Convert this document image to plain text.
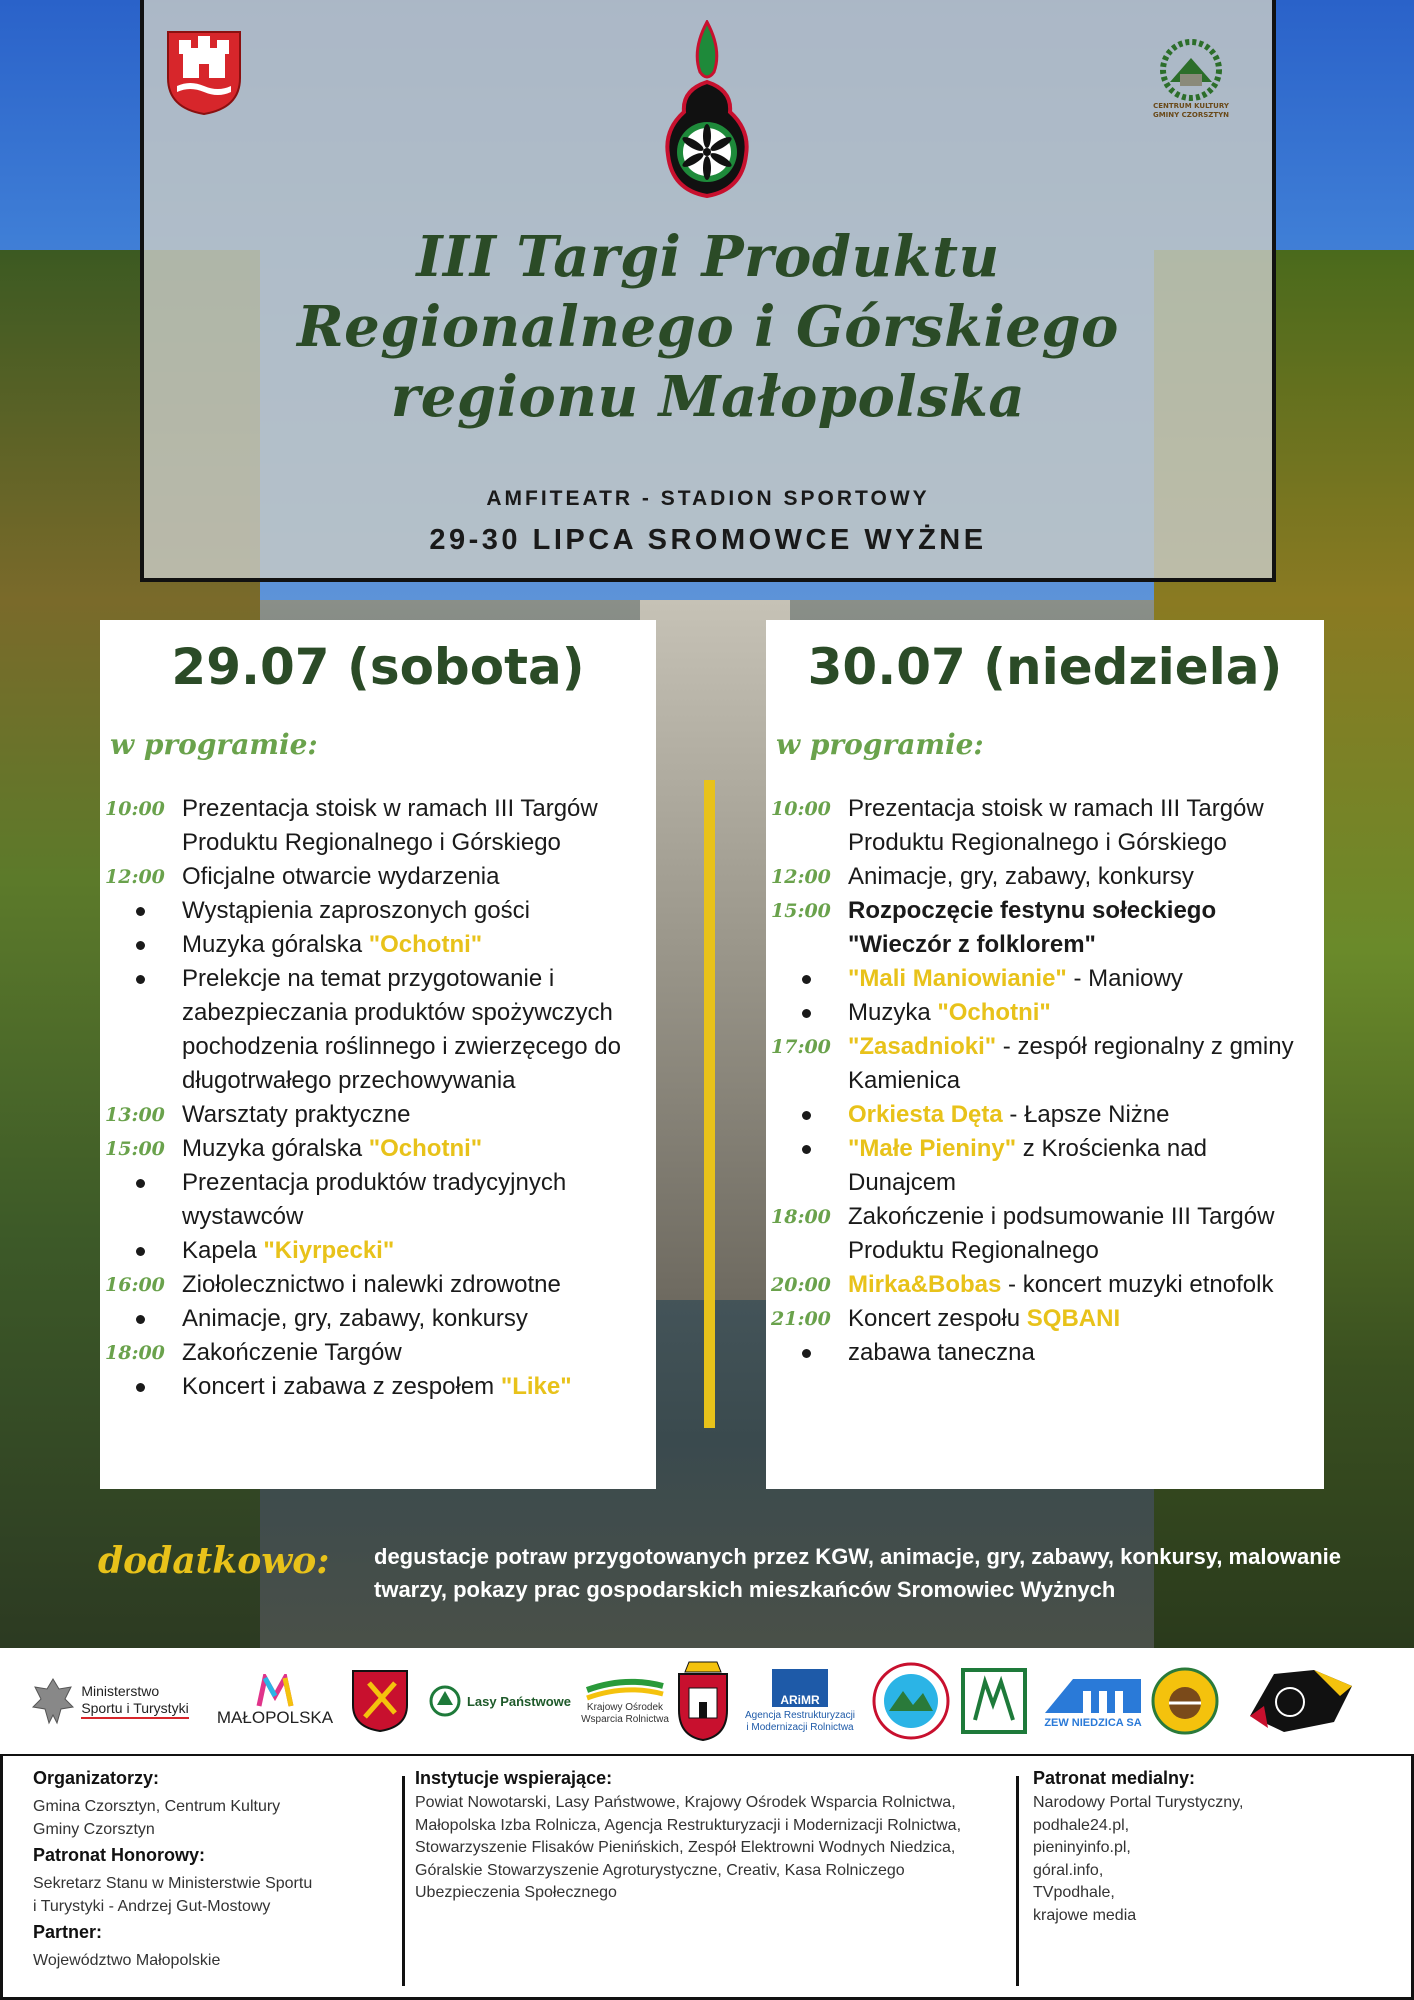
CENTRUM KULTURY
GMINY CZORSZTYN
III Targi Produktu
Regionalnego i Górskiego
regionu Małopolska
AMFITEATR - STADION SPORTOWY
29-30 LIPCA SROMOWCE WYŻNE
29.07 (sobota)
w programie:
10:00 Prezentacja stoisk w ramach III Targów Produktu Regionalnego i Górskiego
12:00 Oficjalne otwarcie wydarzenia
Wystąpienia zaproszonych gości
Muzyka góralska "Ochotni"
Prelekcje na temat przygotowanie i zabezpieczania produktów spożywczych pochodzenia roślinnego i zwierzęcego do długotrwałego przechowywania
13:00 Warsztaty praktyczne
15:00 Muzyka góralska "Ochotni"
Prezentacja produktów tradycyjnych wystawców
Kapela "Kiyrpecki"
16:00 Ziołolecznictwo i nalewki zdrowotne
Animacje, gry, zabawy, konkursy
18:00 Zakończenie Targów
Koncert i zabawa z zespołem "Like"
30.07 (niedziela)
w programie:
10:00 Prezentacja stoisk w ramach III Targów Produktu Regionalnego i Górskiego
12:00 Animacje, gry, zabawy, konkursy
15:00 Rozpoczęcie festynu sołeckiego "Wieczór z folklorem"
"Mali Maniowianie" - Maniowy
Muzyka "Ochotni"
17:00 "Zasadnioki" - zespół regionalny z gminy Kamienica
Orkiesta Dęta - Łapsze Niżne
"Małe Pieniny" z Krościenka nad Dunajcem
18:00 Zakończenie i podsumowanie III Targów Produktu Regionalnego
20:00 Mirka&Bobas - koncert muzyki etnofolk
21:00 Koncert zespołu SQBANI
zabawa taneczna
dodatkowo: degustacje potraw przygotowanych przez KGW, animacje, gry, zabawy, konkursy, malowanie twarzy, pokazy prac gospodarskich mieszkańców Sromowiec Wyżnych
Ministerstwo
Sportu i Turystyki MAŁOPOLSKA
Lasy Państwowe	Krajowy Ośrodek
Wsparcia Rolnictwa
ARiMR
Agencja Restrukturyzacji
i Modernizacji Rolnictwa	ZEW NIEDZICA SA
Organizatorzy:
Gmina Czorsztyn, Centrum Kultury
Gminy Czorsztyn
Patronat Honorowy:
Sekretarz Stanu w Ministerstwie Sportu
i Turystyki - Andrzej Gut-Mostowy
Partner:
Województwo Małopolskie
Instytucje wspierające:
Powiat Nowotarski, Lasy Państwowe, Krajowy Ośrodek Wsparcia Rolnictwa,
Małopolska Izba Rolnicza, Agencja Restrukturyzacji i Modernizacji Rolnictwa,
Stowarzyszenie Flisaków Pienińskich, Zespół Elektrowni Wodnych Niedzica,
Góralskie Stowarzyszenie Agroturystyczne, Creativ, Kasa Rolniczego
Ubezpieczenia Społecznego
Patronat medialny:
Narodowy Portal Turystyczny,
podhale24.pl,
pieninyinfo.pl,
góral.info,
TVpodhale,
krajowe media
